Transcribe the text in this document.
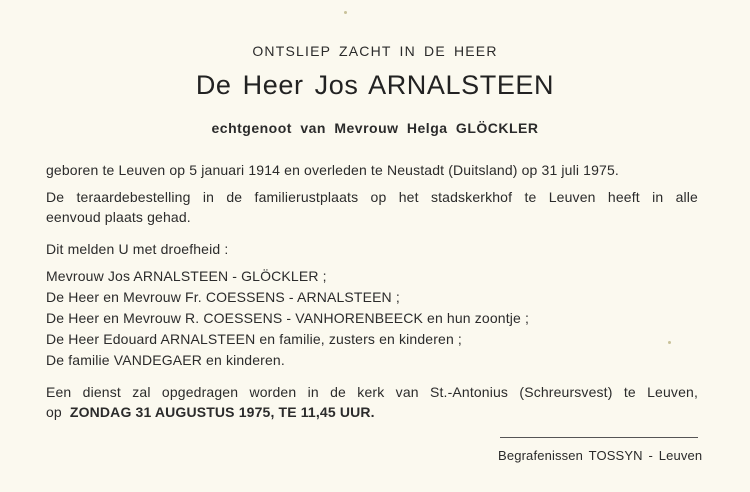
ONTSLIEP ZACHT IN DE HEER
De Heer Jos ARNALSTEEN
echtgenoot van Mevrouw Helga GLÖCKLER
geboren te Leuven op 5 januari 1914 en overleden te Neustadt (Duitsland) op 31 juli 1975.
De teraardebestelling in de familierustplaats op het stadskerkhof te Leuven heeft in alle
eenvoud plaats gehad.
Dit melden U met droefheid :
Mevrouw Jos ARNALSTEEN - GLÖCKLER ;
De Heer en Mevrouw Fr. COESSENS - ARNALSTEEN ;
De Heer en Mevrouw R. COESSENS - VANHORENBEECK en hun zoontje ;
De Heer Edouard ARNALSTEEN en familie, zusters en kinderen ;
De familie VANDEGAER en kinderen.
Een dienst zal opgedragen worden in de kerk van St.-Antonius (Schreursvest) te Leuven,
op ZONDAG 31 AUGUSTUS 1975, TE 11,45 UUR.
Begrafenissen TOSSYN - Leuven
